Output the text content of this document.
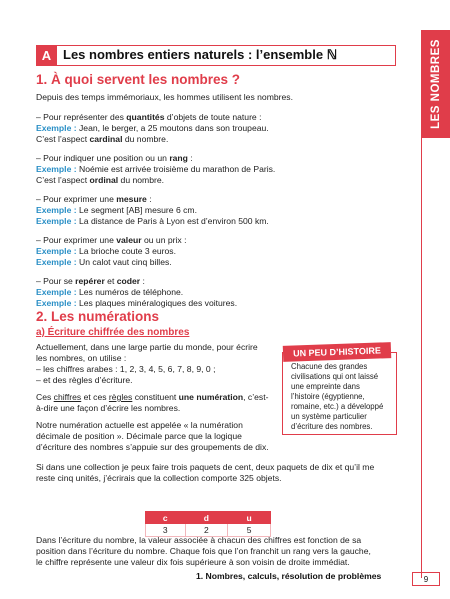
LES NOMBRES
A Les nombres entiers naturels : l’ensemble ℕ
1. À quoi servent les nombres ?
Depuis des temps immémoriaux, les hommes utilisent les nombres.
– Pour représenter des quantités d’objets de toute nature :
Exemple : Jean, le berger, a 25 moutons dans son troupeau.
C’est l’aspect cardinal du nombre.
– Pour indiquer une position ou un rang :
Exemple : Noémie est arrivée troisième du marathon de Paris.
C’est l’aspect ordinal du nombre.
– Pour exprimer une mesure :
Exemple : Le segment [AB] mesure 6 cm.
Exemple : La distance de Paris à Lyon est d’environ 500 km.
– Pour exprimer une valeur ou un prix :
Exemple : La brioche coute 3 euros.
Exemple : Un calot vaut cinq billes.
– Pour se repérer et coder :
Exemple : Les numéros de téléphone.
Exemple : Les plaques minéralogiques des voitures.
2. Les numérations
a) Écriture chiffrée des nombres
Actuellement, dans une large partie du monde, pour écrire
les nombres, on utilise :
– les chiffres arabes : 1, 2, 3, 4, 5, 6, 7, 8, 9, 0 ;
– et des règles d’écriture.
Ces chiffres et ces règles constituent une numération, c’est-
à-dire une façon d’écrire les nombres.
Notre numération actuelle est appelée « la numération
décimale de position ». Décimale parce que la logique
d’écriture des nombres s’appuie sur des groupements de dix.
Si dans une collection je peux faire trois paquets de cent, deux paquets de dix et qu’il me
reste cinq unités, j’écrirais que la collection comporte 325 objets.
UN PEU D’HISTOIRE
Chacune des grandes
civilisations qui ont laissé
une empreinte dans
l’histoire (égyptienne,
romaine, etc.) a développé
un système particulier
d’écriture des nombres.
c	d	u
3	2	5
Dans l’écriture du nombre, la valeur associée à chacun des chiffres est fonction de sa
position dans l’écriture du nombre. Chaque fois que l’on franchit un rang vers la gauche,
le chiffre représente une valeur dix fois supérieure à son voisin de droite immédiat.
1. Nombres, calculs, résolution de problèmes	9
